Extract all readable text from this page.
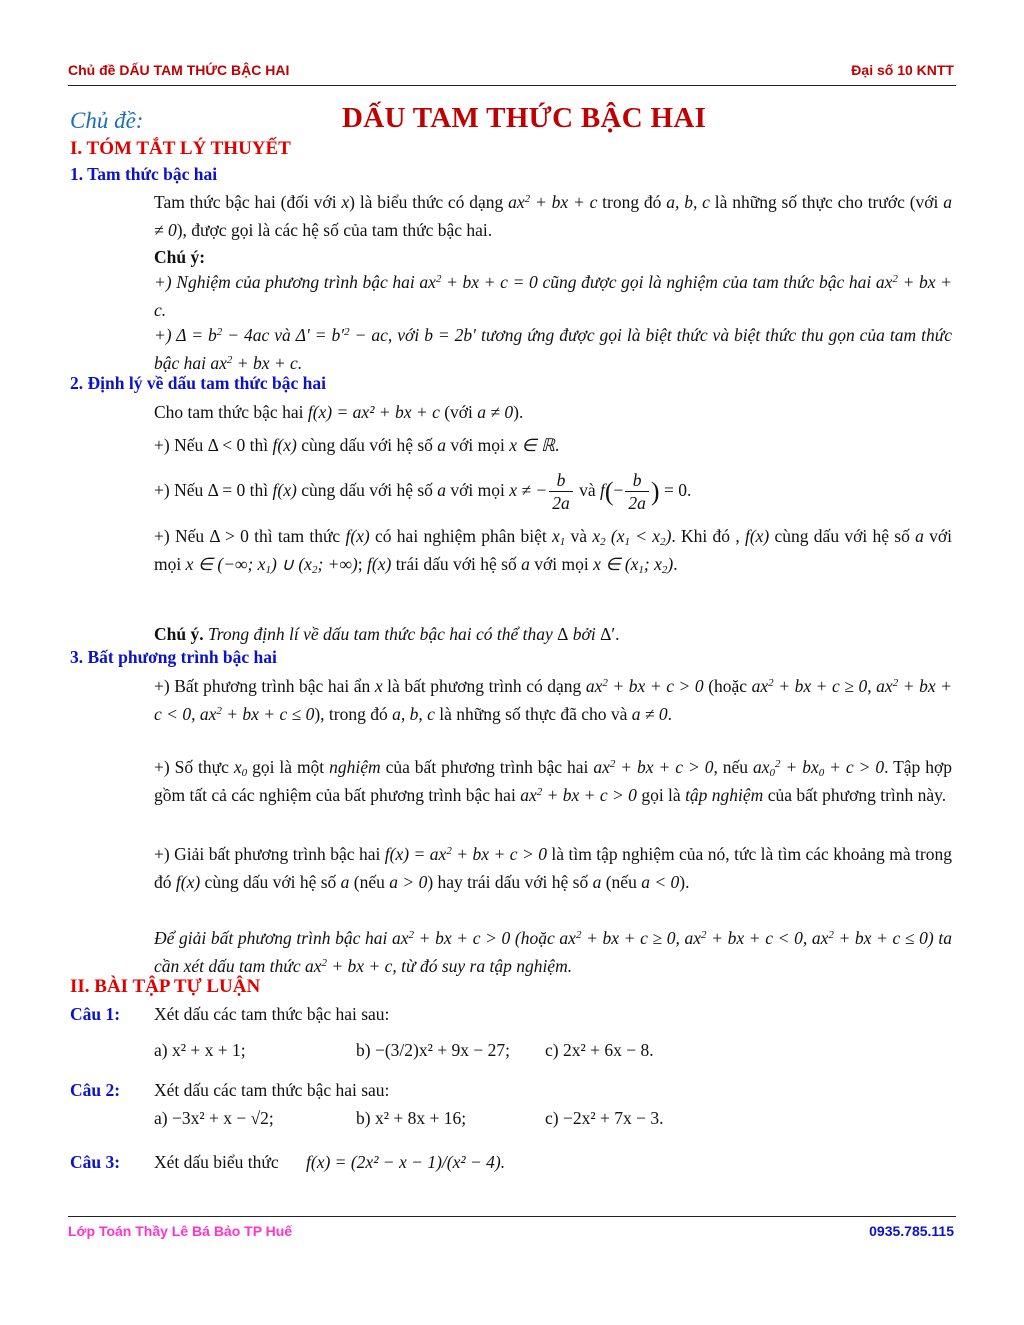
Chủ đề DẤU TAM THỨC BẬC HAI	Đại số 10 KNTT
Chủ đề:	DẤU TAM THỨC BẬC HAI
I. TÓM TẮT LÝ THUYẾT
1. Tam thức bậc hai
Tam thức bậc hai (đối với x) là biểu thức có dạng $ax^2$ + bx + c trong đó a, b, c là những số thực cho trước (với a ≠ 0), được gọi là các hệ số của tam thức bậc hai.
Chú ý:
+) Nghiệm của phương trình bậc hai $ax^2$ + bx + c = 0 cũng được gọi là nghiệm của tam thức bậc hai $ax^2$ + bx + c.
+) $\Delta = b^2 - 4ac$ và $\Delta' = b'^2$ − ac, với b = 2b′ tương ứng được gọi là biệt thức và biệt thức thu gọn của tam thức bậc hai $ax^2$ + bx + c.
2. Định lý về dấu tam thức bậc hai
Cho tam thức bậc hai f(x) = ax² + bx + c (với a ≠ 0).
+) Nếu Δ < 0 thì f(x) cùng dấu với hệ số a với mọi x ∈ ℝ.
+) Nếu Δ = 0 thì f(x) cùng dấu với hệ số a với mọi x ≠ − $\frac{b}{2a}$ và $f(- \frac{b}{2a}$ ) = 0.
+) Nếu Δ > 0 thì tam thức f(x) có hai nghiệm phân biệt $x_1$ và $x_2$ $(x_1 < x_2)$. Khi đó , f(x) cùng dấu với hệ số a với mọi x ∈ (−∞; $x_1$) ∪ ($x_2$; +∞); f(x) trái dấu với hệ số a với mọi x ∈ ($x_1$; $x_2$).
Chú ý. Trong định lí về dấu tam thức bậc hai có thể thay Δ bởi Δ′.
3. Bất phương trình bậc hai
+) Bất phương trình bậc hai ẩn x là bất phương trình có dạng $ax^2$ + bx + c > 0 (hoặc $ax^2$ + bx + c ≥ 0, $ax^2$ + bx + c < 0, $ax^2$ + bx + c ≤ 0), trong đó a, b, c là những số thực đã cho và a ≠ 0.
+) Số thực $x_0$ gọi là một nghiệm của bất phương trình bậc hai $ax^2$ + bx + c > 0, nếu $ax_0^2 + bx_0 + c > 0$. Tập hợp gồm tất cả các nghiệm của bất phương trình bậc hai $ax^2$ + bx + c > 0 gọi là tập nghiệm của bất phương trình này.
+) Giải bất phương trình bậc hai $f(x) = ax^2$ + bx + c > 0 là tìm tập nghiệm của nó, tức là tìm các khoảng mà trong đó f(x) cùng dấu với hệ số a (nếu a > 0) hay trái dấu với hệ số a (nếu a < 0).
Để giải bất phương trình bậc hai $ax^2$ + bx + c > 0 (hoặc $ax^2$ + bx + c ≥ 0, $ax^2$ + bx + c < 0, $ax^2$ + bx + c ≤ 0) ta cần xét dấu tam thức $ax^2$ + bx + c, từ đó suy ra tập nghiệm.
II. BÀI TẬP TỰ LUẬN
Câu 1: Xét dấu các tam thức bậc hai sau:
a) x² + x + 1;	b) −(3/2)x² + 9x − 27; c) 2x² + 6x − 8.
Câu 2: Xét dấu các tam thức bậc hai sau:
a) −3x² + x − √2;	b) x² + 8x + 16;	c) −2x² + 7x − 3.
Câu 3: Xét dấu biểu thức f(x) = (2x² − x − 1)/(x² − 4).
Lớp Toán Thầy Lê Bá Bảo TP Huế	0935.785.115
